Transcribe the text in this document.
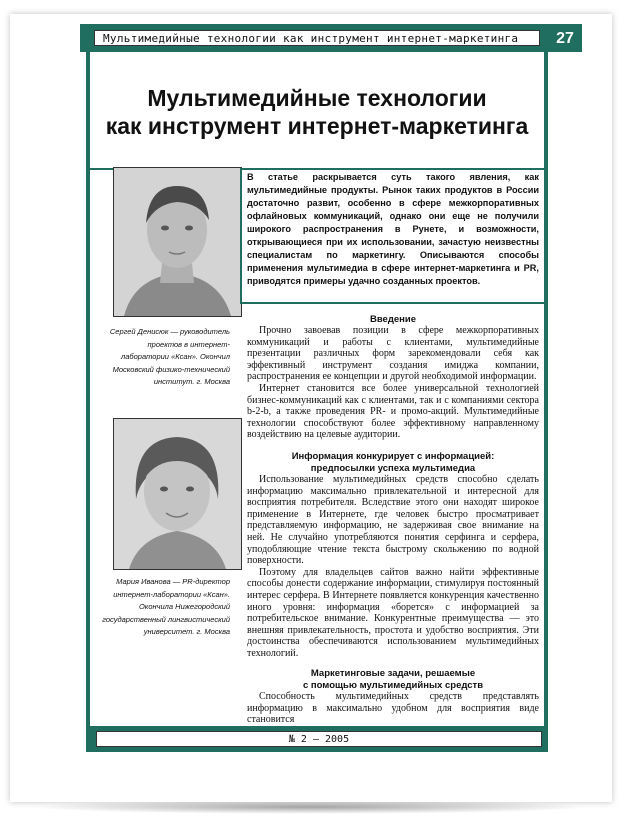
Мультимедийные технологии как инструмент интернет-маркетинга	27
Мультимедийные технологии
как инструмент интернет-маркетинга
Сергей Денисюк — руководитель проектов в интернет-лаборатории «Ксан». Окончил Московский физико-технический институт. г. Москва
Мария Иванова — PR-директор интернет-лаборатории «Ксан». Окончила Нижегородский государственный лингвистический университет. г. Москва
В статье раскрывается суть такого явления, как мультимедийные продукты. Рынок таких продуктов в России достаточно развит, особенно в сфере межкорпоративных офлайновых коммуникаций, однако они еще не получили широкого распространения в Рунете, и возможности, открывающиеся при их использовании, зачастую неизвестны специалистам по маркетингу. Описываются способы применения мультимедиа в сфере интернет-маркетинга и PR, приводятся примеры удачно созданных проектов.
Введение

Прочно завоевав позиции в сфере межкорпоративных коммуникаций и работы с клиентами, мультимедийные презентации различных форм зарекомендовали себя как эффективный инструмент создания имиджа компании, распространения ее концепции и другой необходимой информации.

Интернет становится все более универсальной технологией бизнес-коммуникаций как с клиентами, так и с компаниями сектора b-2-b, а также проведения PR- и промо-акций. Мультимедийные технологии способствуют более эффективному направленному воздействию на целевые аудитории.

Информация конкурирует с информацией:
предпосылки успеха мультимедиа

Использование мультимедийных средств способно сделать информацию максимально привлекательной и интересной для восприятия потребителя. Вследствие этого они находят широкое применение в Интернете, где человек быстро просматривает представляемую информацию, не задерживая свое внимание на ней. Не случайно употребляются понятия серфинга и серфера, уподобляющие чтение текста быстрому скольжению по водной поверхности.

Поэтому для владельцев сайтов важно найти эффективные способы донести содержание информации, стимулируя постоянный интерес серфера. В Интернете появляется конкуренция качественно иного уровня: информация «борется» с информацией за потребительское внимание. Конкурентные преимущества — это внешняя привлекательность, простота и удобство восприятия. Эти достоинства обеспечиваются использованием мультимедийных технологий.

Маркетинговые задачи, решаемые
с помощью мультимедийных средств

Способность мультимедийных средств представлять информацию в максимально удобном для восприятия виде становится

№ 2 – 2005
